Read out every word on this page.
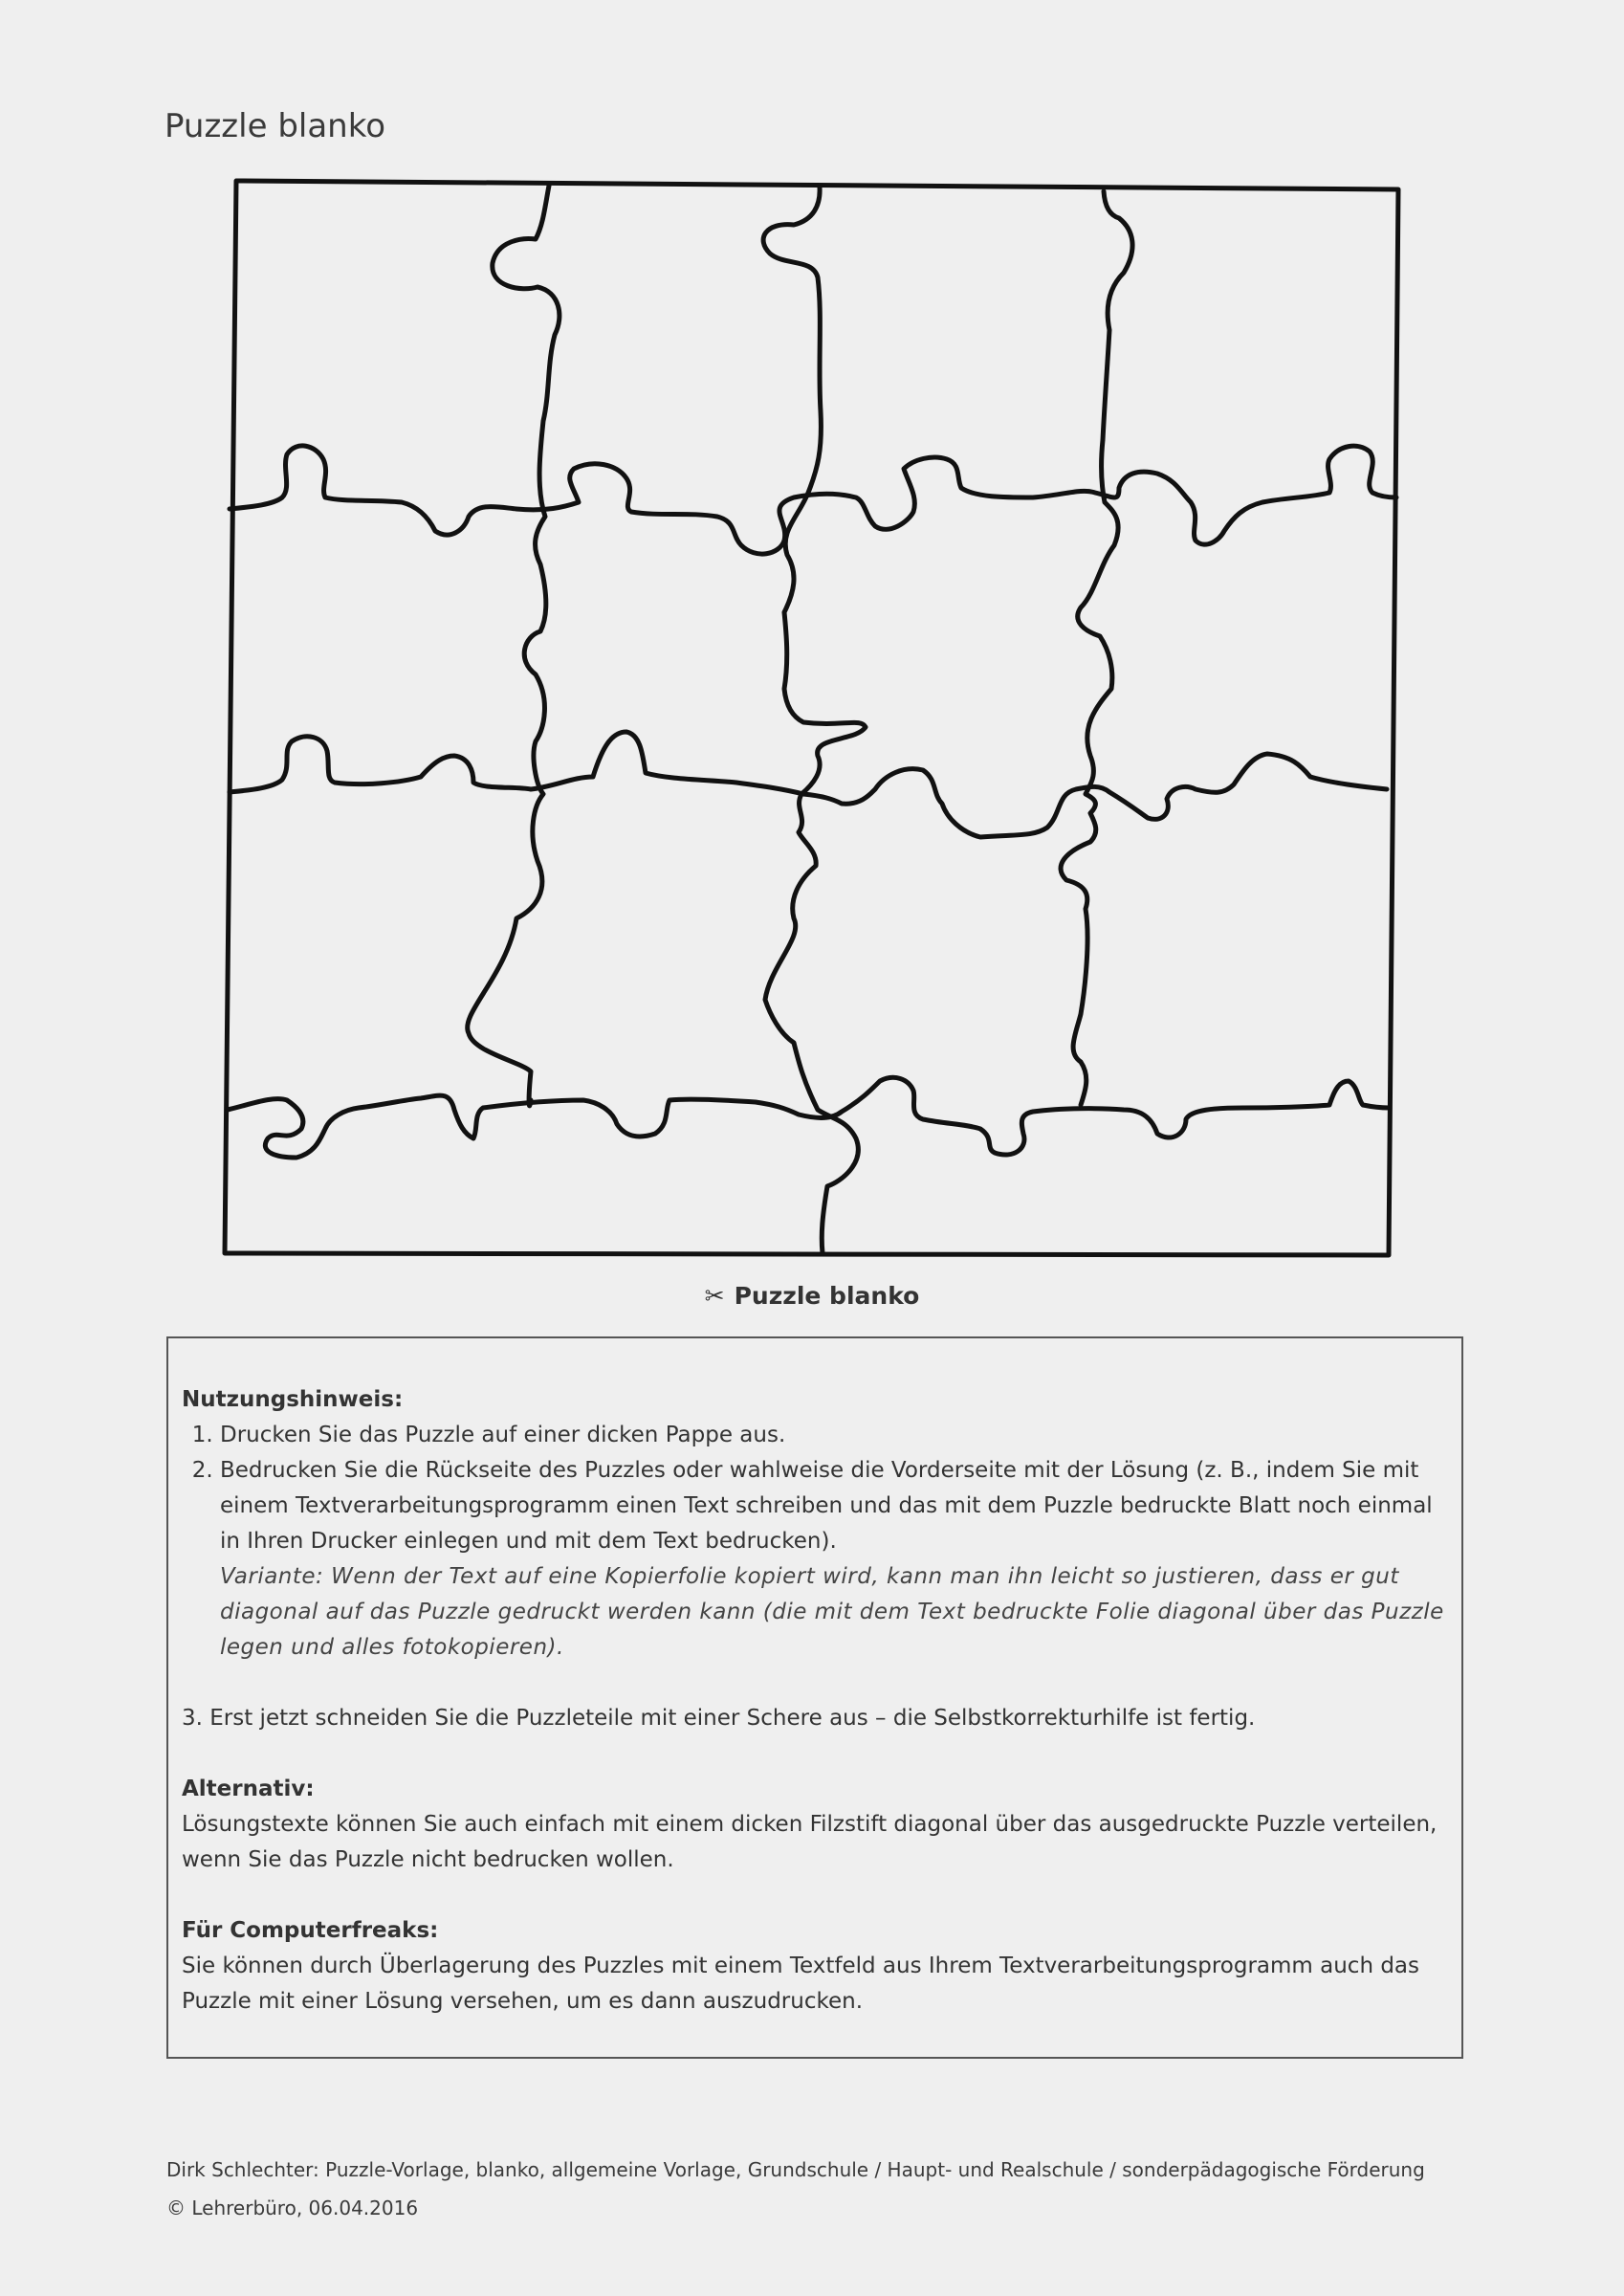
Puzzle blanko
✂ Puzzle blanko
Nutzungshinweis:
1. Drucken Sie das Puzzle auf einer dicken Pappe aus.
2. Bedrucken Sie die Rückseite des Puzzles oder wahlweise die Vorderseite mit der Lösung (z. B., indem Sie mit einem Textverarbeitungsprogramm einen Text schreiben und das mit dem Puzzle bedruckte Blatt noch einmal in Ihren Drucker einlegen und mit dem Text bedrucken).
Variante: Wenn der Text auf eine Kopierfolie kopiert wird, kann man ihn leicht so justieren, dass er gut diagonal auf das Puzzle gedruckt werden kann (die mit dem Text bedruckte Folie diagonal über das Puzzle legen und alles fotokopieren).
3. Erst jetzt schneiden Sie die Puzzleteile mit einer Schere aus – die Selbstkorrekturhilfe ist fertig.
Alternativ:
Lösungstexte können Sie auch einfach mit einem dicken Filzstift diagonal über das ausgedruckte Puzzle verteilen, wenn Sie das Puzzle nicht bedrucken wollen.
Für Computerfreaks:
Sie können durch Überlagerung des Puzzles mit einem Textfeld aus Ihrem Textverarbeitungsprogramm auch das Puzzle mit einer Lösung versehen, um es dann auszudrucken.
Dirk Schlechter: Puzzle-Vorlage, blanko, allgemeine Vorlage, Grundschule / Haupt- und Realschule / sonderpädagogische Förderung
© Lehrerbüro, 06.04.2016
